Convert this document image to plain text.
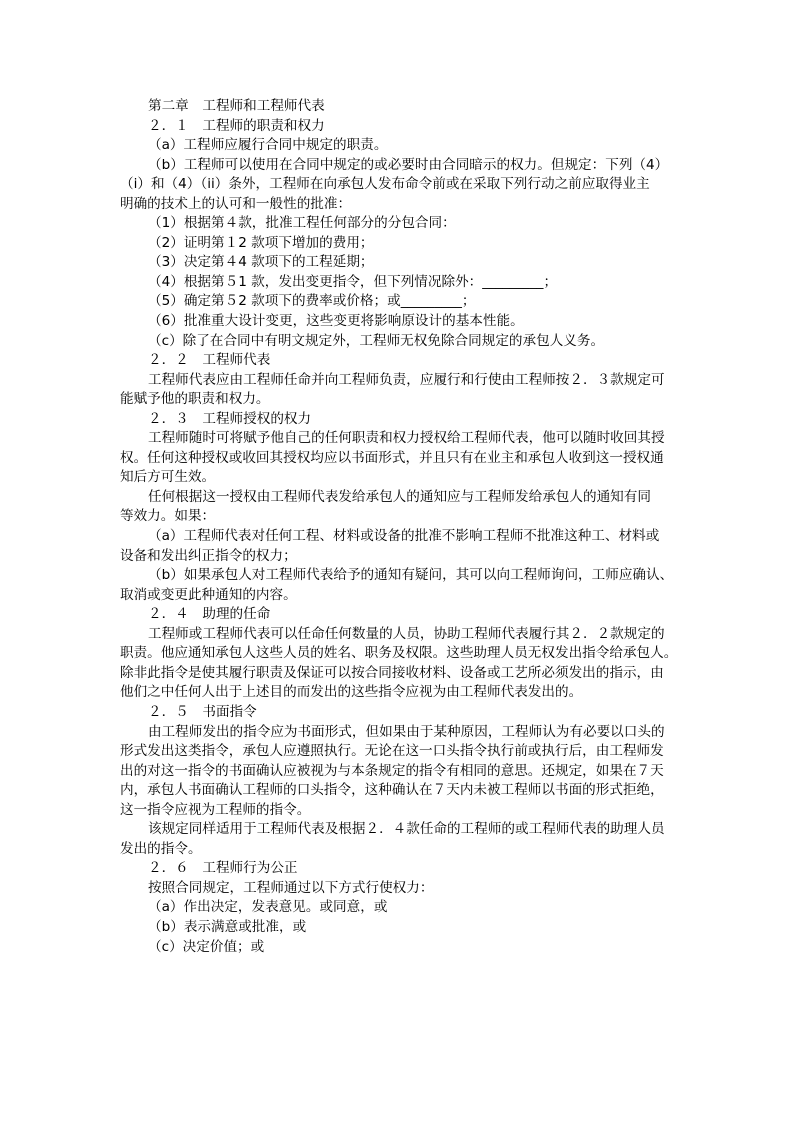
第二章　工程师和工程师代表
２．１　工程师的职责和权力
（a）工程师应履行合同中规定的职责。
（b）工程师可以使用在合同中规定的或必要时由合同暗示的权力。但规定：下列（4）
（i）和（4）（ii）条外，工程师在向承包人发布命令前或在采取下列行动之前应取得业主
明确的技术上的认可和一般性的批准：
（1）根据第４款，批准工程任何部分的分包合同：
（2）证明第１2 款项下增加的费用；
（3）决定第４4 款项下的工程延期；
（4）根据第５1 款，发出变更指令，但下列情况除外：_________；
（5）确定第５2 款项下的费率或价格；或_________；
（6）批准重大设计变更，这些变更将影响原设计的基本性能。
（c）除了在合同中有明文规定外，工程师无权免除合同规定的承包人义务。
２．２　工程师代表
工程师代表应由工程师任命并向工程师负责，应履行和行使由工程师按２．３款规定可
能赋予他的职责和权力。
２．３　工程师授权的权力
工程师随时可将赋予他自己的任何职责和权力授权给工程师代表，他可以随时收回其授
权。任何这种授权或收回其授权均应以书面形式，并且只有在业主和承包人收到这一授权通
知后方可生效。
任何根据这一授权由工程师代表发给承包人的通知应与工程师发给承包人的通知有同
等效力。如果：
（a）工程师代表对任何工程、材料或设备的批准不影响工程师不批准这种工、材料或
设备和发出纠正指令的权力；
（b）如果承包人对工程师代表给予的通知有疑问，其可以向工程师询问，工师应确认、
取消或变更此种通知的内容。
２．４　助理的任命
工程师或工程师代表可以任命任何数量的人员，协助工程师代表履行其２．２款规定的
职责。他应通知承包人这些人员的姓名、职务及权限。这些助理人员无权发出指令给承包人。
除非此指令是使其履行职责及保证可以按合同接收材料、设备或工艺所必须发出的指示，由
他们之中任何人出于上述目的而发出的这些指令应视为由工程师代表发出的。
２．５　书面指令
由工程师发出的指令应为书面形式，但如果由于某种原因，工程师认为有必要以口头的
形式发出这类指令，承包人应遵照执行。无论在这一口头指令执行前或执行后，由工程师发
出的对这一指令的书面确认应被视为与本条规定的指令有相同的意思。还规定，如果在７天
内，承包人书面确认工程师的口头指令，这种确认在７天内未被工程师以书面的形式拒绝，
这一指令应视为工程师的指令。
该规定同样适用于工程师代表及根据２．４款任命的工程师的或工程师代表的助理人员
发出的指令。
２．６　工程师行为公正
按照合同规定，工程师通过以下方式行使权力：
（a）作出决定，发表意见。或同意，或
（b）表示满意或批准，或
（c）决定价值；或
